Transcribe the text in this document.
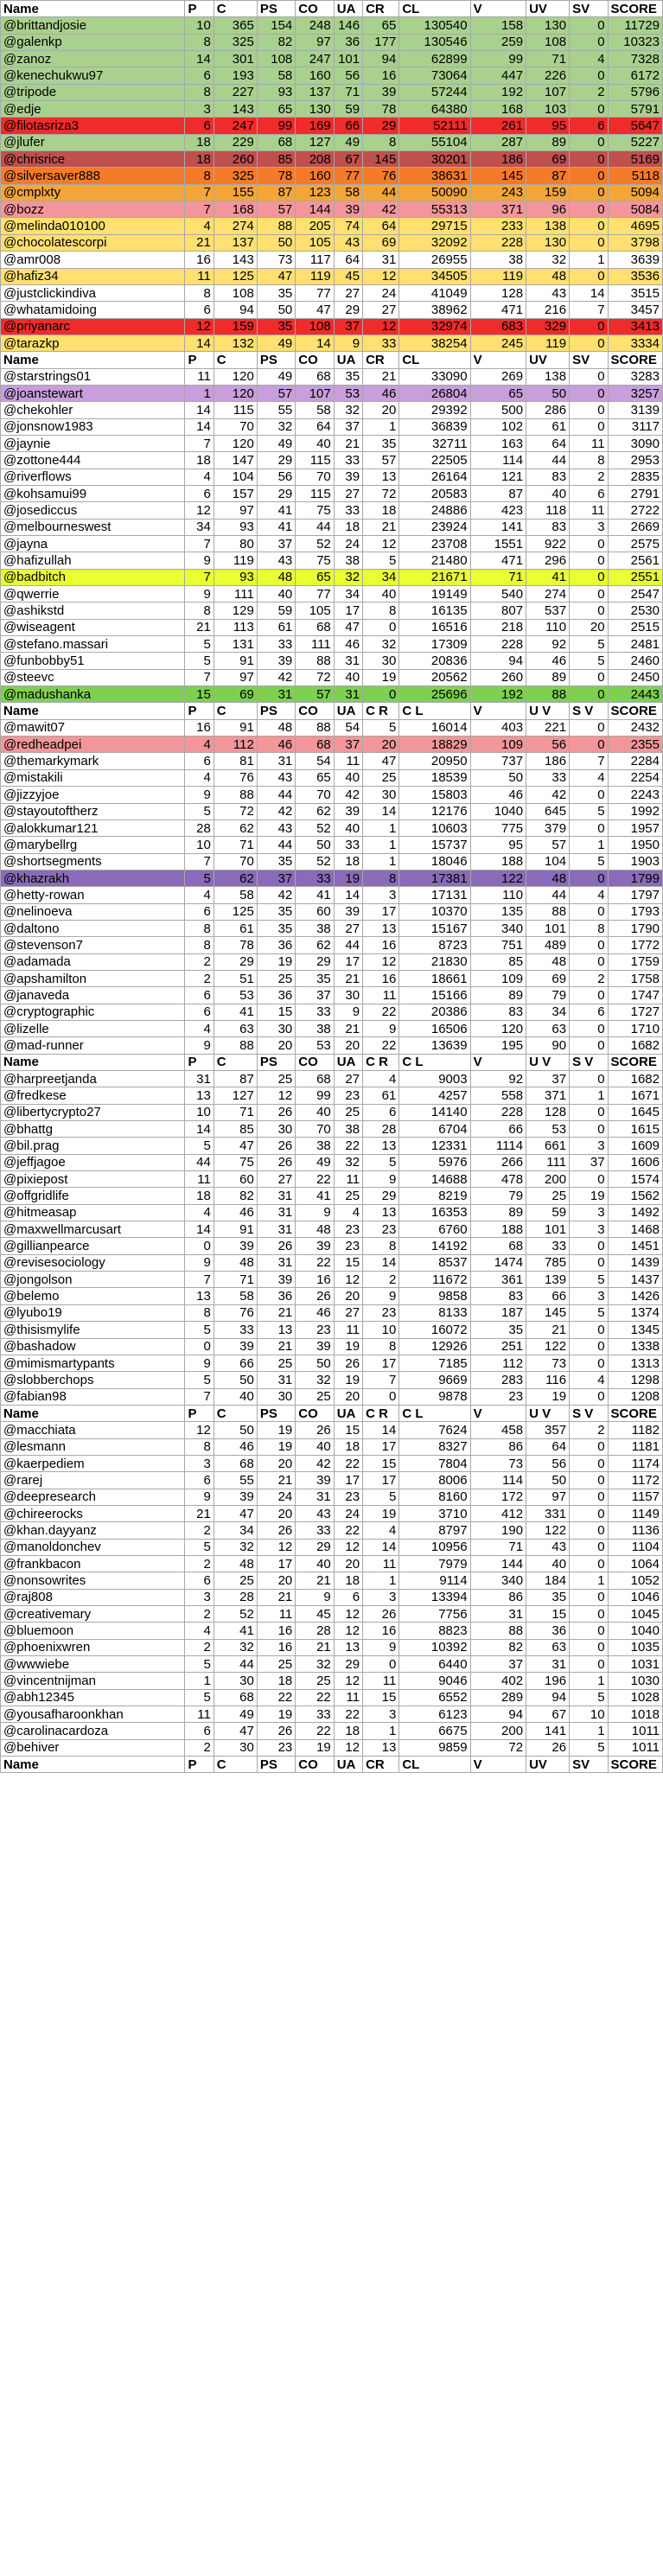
Name	P	C	PS	CO	UA	CR	CL	V	UV	SV	SCORE
@brittandjosie	10	365	154	248	146	65	130540	158	130	0	11729
@galenkp	8	325	82	97	36	177	130546	259	108	0	10323
@zanoz	14	301	108	247	101	94	62899	99	71	4	7328
@kenechukwu97	6	193	58	160	56	16	73064	447	226	0	6172
@tripode	8	227	93	137	71	39	57244	192	107	2	5796
@edje	3	143	65	130	59	78	64380	168	103	0	5791
@filotasriza3	6	247	99	169	66	29	52111	261	95	6	5647
@jlufer	18	229	68	127	49	8	55104	287	89	0	5227
@chrisrice	18	260	85	208	67	145	30201	186	69	0	5169
@silversaver888	8	325	78	160	77	76	38631	145	87	0	5118
@cmplxty	7	155	87	123	58	44	50090	243	159	0	5094
@bozz	7	168	57	144	39	42	55313	371	96	0	5084
@melinda010100	4	274	88	205	74	64	29715	233	138	0	4695
@chocolatescorpi	21	137	50	105	43	69	32092	228	130	0	3798
@amr008	16	143	73	117	64	31	26955	38	32	1	3639
@hafiz34	11	125	47	119	45	12	34505	119	48	0	3536
@justclickindiva	8	108	35	77	27	24	41049	128	43	14	3515
@whatamidoing	6	94	50	47	29	27	38962	471	216	7	3457
@priyanarc	12	159	35	108	37	12	32974	683	329	0	3413
@tarazkp	14	132	49	14	9	33	38254	245	119	0	3334
Name	P	C	PS	CO	UA	CR	CL	V	UV	SV	SCORE
@starstrings01	11	120	49	68	35	21	33090	269	138	0	3283
@joanstewart	1	120	57	107	53	46	26804	65	50	0	3257
@chekohler	14	115	55	58	32	20	29392	500	286	0	3139
@jonsnow1983	14	70	32	64	37	1	36839	102	61	0	3117
@jaynie	7	120	49	40	21	35	32711	163	64	11	3090
@zottone444	18	147	29	115	33	57	22505	114	44	8	2953
@riverflows	4	104	56	70	39	13	26164	121	83	2	2835
@kohsamui99	6	157	29	115	27	72	20583	87	40	6	2791
@josediccus	12	97	41	75	33	18	24886	423	118	11	2722
@melbourneswest	34	93	41	44	18	21	23924	141	83	3	2669
@jayna	7	80	37	52	24	12	23708	1551	922	0	2575
@hafizullah	9	119	43	75	38	5	21480	471	296	0	2561
@badbitch	7	93	48	65	32	34	21671	71	41	0	2551
@qwerrie	9	111	40	77	34	40	19149	540	274	0	2547
@ashikstd	8	129	59	105	17	8	16135	807	537	0	2530
@wiseagent	21	113	61	68	47	0	16516	218	110	20	2515
@stefano.massari	5	131	33	111	46	32	17309	228	92	5	2481
@funbobby51	5	91	39	88	31	30	20836	94	46	5	2460
@steevc	7	97	42	72	40	19	20562	260	89	0	2450
@madushanka	15	69	31	57	31	0	25696	192	88	0	2443
Name	P	C	PS	CO	UA	C R	C L	V	U V	S V	SCORE
@mawit07	16	91	48	88	54	5	16014	403	221	0	2432
@redheadpei	4	112	46	68	37	20	18829	109	56	0	2355
@themarkymark	6	81	31	54	11	47	20950	737	186	7	2284
@mistakili	4	76	43	65	40	25	18539	50	33	4	2254
@jizzyjoe	9	88	44	70	42	30	15803	46	42	0	2243
@stayoutoftherz	5	72	42	62	39	14	12176	1040	645	5	1992
@alokkumar121	28	62	43	52	40	1	10603	775	379	0	1957
@marybellrg	10	71	44	50	33	1	15737	95	57	1	1950
@shortsegments	7	70	35	52	18	1	18046	188	104	5	1903
@khazrakh	5	62	37	33	19	8	17381	122	48	0	1799
@hetty-rowan	4	58	42	41	14	3	17131	110	44	4	1797
@nelinoeva	6	125	35	60	39	17	10370	135	88	0	1793
@daltono	8	61	35	38	27	13	15167	340	101	8	1790
@stevenson7	8	78	36	62	44	16	8723	751	489	0	1772
@adamada	2	29	19	29	17	12	21830	85	48	0	1759
@apshamilton	2	51	25	35	21	16	18661	109	69	2	1758
@janaveda	6	53	36	37	30	11	15166	89	79	0	1747
@cryptographic	6	41	15	33	9	22	20386	83	34	6	1727
@lizelle	4	63	30	38	21	9	16506	120	63	0	1710
@mad-runner	9	88	20	53	20	22	13639	195	90	0	1682
Name	P	C	PS	CO	UA	C R	C L	V	U V	S V	SCORE
@harpreetjanda	31	87	25	68	27	4	9003	92	37	0	1682
@fredkese	13	127	12	99	23	61	4257	558	371	1	1671
@libertycrypto27	10	71	26	40	25	6	14140	228	128	0	1645
@bhattg	14	85	30	70	38	28	6704	66	53	0	1615
@bil.prag	5	47	26	38	22	13	12331	1114	661	3	1609
@jeffjagoe	44	75	26	49	32	5	5976	266	111	37	1606
@pixiepost	11	60	27	22	11	9	14688	478	200	0	1574
@offgridlife	18	82	31	41	25	29	8219	79	25	19	1562
@hitmeasap	4	46	31	9	4	13	16353	89	59	3	1492
@maxwellmarcusart	14	91	31	48	23	23	6760	188	101	3	1468
@gillianpearce	0	39	26	39	23	8	14192	68	33	0	1451
@revisesociology	9	48	31	22	15	14	8537	1474	785	0	1439
@jongolson	7	71	39	16	12	2	11672	361	139	5	1437
@belemo	13	58	36	26	20	9	9858	83	66	3	1426
@lyubo19	8	76	21	46	27	23	8133	187	145	5	1374
@thisismylife	5	33	13	23	11	10	16072	35	21	0	1345
@bashadow	0	39	21	39	19	8	12926	251	122	0	1338
@mimismartypants	9	66	25	50	26	17	7185	112	73	0	1313
@slobberchops	5	50	31	32	19	7	9669	283	116	4	1298
@fabian98	7	40	30	25	20	0	9878	23	19	0	1208
Name	P	C	PS	CO	UA	C R	C L	V	U V	S V	SCORE
@macchiata	12	50	19	26	15	14	7624	458	357	2	1182
@lesmann	8	46	19	40	18	17	8327	86	64	0	1181
@kaerpediem	3	68	20	42	22	15	7804	73	56	0	1174
@rarej	6	55	21	39	17	17	8006	114	50	0	1172
@deepresearch	9	39	24	31	23	5	8160	172	97	0	1157
@chireerocks	21	47	20	43	24	19	3710	412	331	0	1149
@khan.dayyanz	2	34	26	33	22	4	8797	190	122	0	1136
@manoldonchev	5	32	12	29	12	14	10956	71	43	0	1104
@frankbacon	2	48	17	40	20	11	7979	144	40	0	1064
@nonsowrites	6	25	20	21	18	1	9114	340	184	1	1052
@raj808	3	28	21	9	6	3	13394	86	35	0	1046
@creativemary	2	52	11	45	12	26	7756	31	15	0	1045
@bluemoon	4	41	16	28	12	16	8823	88	36	0	1040
@phoenixwren	2	32	16	21	13	9	10392	82	63	0	1035
@wwwiebe	5	44	25	32	29	0	6440	37	31	0	1031
@vincentnijman	1	30	18	25	12	11	9046	402	196	1	1030
@abh12345	5	68	22	22	11	15	6552	289	94	5	1028
@yousafharoonkhan	11	49	19	33	22	3	6123	94	67	10	1018
@carolinacardoza	6	47	26	22	18	1	6675	200	141	1	1011
@behiver	2	30	23	19	12	13	9859	72	26	5	1011
Name	P	C	PS	CO	UA	CR	CL	V	UV	SV	SCORE
